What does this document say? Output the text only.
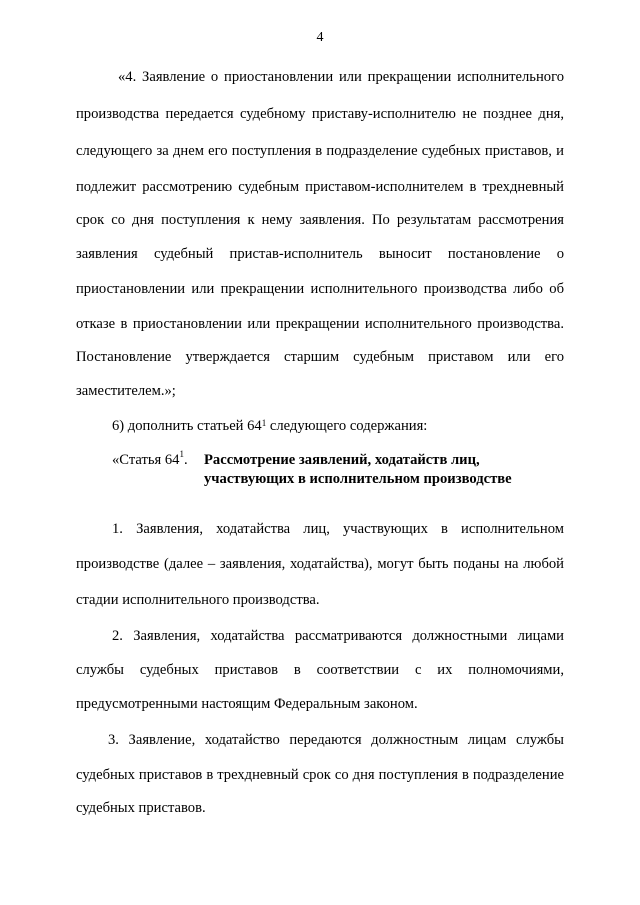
4
«4. Заявление о приостановлении или прекращении исполнительного
производства передается судебному приставу-исполнителю не позднее дня,
следующего за днем его поступления в подразделение судебных приставов, и
подлежит рассмотрению судебным приставом-исполнителем в трехдневный
срок со дня поступления к нему заявления. По результатам рассмотрения
заявления судебный пристав-исполнитель выносит постановление о
приостановлении или прекращении исполнительного производства либо об
отказе в приостановлении или прекращении исполнительного производства.
Постановление утверждается старшим судебным приставом или его
заместителем.»;
6) дополнить статьей $64^1$ следующего содержания:
«Статья $64^1$. Рассмотрение заявлений, ходатайств лиц,
участвующих в исполнительном производстве
1. Заявления, ходатайства лиц, участвующих в исполнительном
производстве (далее – заявления, ходатайства), могут быть поданы на любой
стадии исполнительного производства.
2. Заявления, ходатайства рассматриваются должностными лицами
службы судебных приставов в соответствии с их полномочиями,
предусмотренными настоящим Федеральным законом.
3. Заявление, ходатайство передаются должностным лицам службы
судебных приставов в трехдневный срок со дня поступления в подразделение
судебных приставов.
